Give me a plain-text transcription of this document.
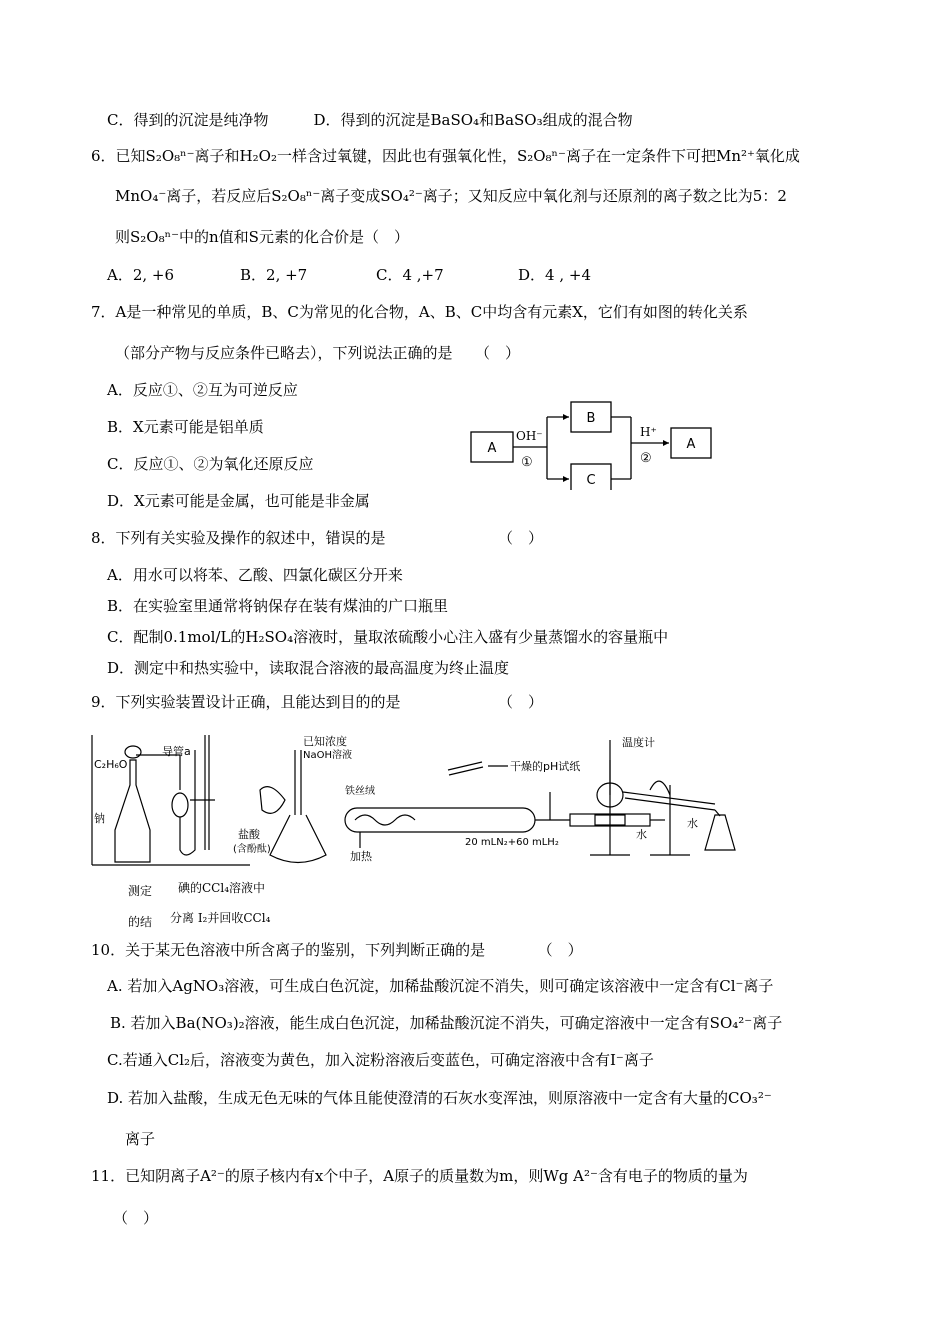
C．得到的沉淀是纯净物　　　D．得到的沉淀是BaSO₄和BaSO₃组成的混合物
6．已知S₂O₈ⁿ⁻离子和H₂O₂一样含过氧键，因此也有强氧化性，S₂O₈ⁿ⁻离子在一定条件下可把Mn²⁺氧化成
MnO₄⁻离子，若反应后S₂O₈ⁿ⁻离子变成SO₄²⁻离子；又知反应中氧化剂与还原剂的离子数之比为5：2
则S₂O₈ⁿ⁻中的n值和S元素的化合价是（　）
A．2, +6	B．2, +7	C．4 ,+7	D．4 , +4
7．A是一种常见的单质，B、C为常见的化合物，A、B、C中均含有元素X，它们有如图的转化关系
（部分产物与反应条件已略去），下列说法正确的是　　（　）
A．反应①、②互为可逆反应
B．X元素可能是铝单质
C．反应①、②为氧化还原反应
D．X元素可能是金属，也可能是非金属
A
B
C
A
OH⁻
①
H⁺
②
8．下列有关实验及操作的叙述中，错误的是　　　　　　　　（　）
A．用水可以将苯、乙酸、四氯化碳区分开来
B．在实验室里通常将钠保存在装有煤油的广口瓶里
C．配制0.1mol/L的H₂SO₄溶液时，量取浓硫酸小心注入盛有少量蒸馏水的容量瓶中
D．测定中和热实验中，读取混合溶液的最高温度为终止温度
9．下列实验装置设计正确，且能达到目的的是　　　　　　　（　）
C₂H₆O
导管a
钠
已知浓度
NaOH溶液
盐酸
(含酚酞)
铁丝绒
干燥的pH试纸
加热
20 mLN₂+60 mLH₂
温度计
水
水
测定
的结
碘的CCl₄溶液中
分离 I₂并回收CCl₄
10．关于某无色溶液中所含离子的鉴别，下列判断正确的是　　　　（　）
A. 若加入AgNO₃溶液，可生成白色沉淀，加稀盐酸沉淀不消失，则可确定该溶液中一定含有Cl⁻离子
B. 若加入Ba(NO₃)₂溶液，能生成白色沉淀，加稀盐酸沉淀不消失，可确定溶液中一定含有SO₄²⁻离子
C.若通入Cl₂后，溶液变为黄色，加入淀粉溶液后变蓝色，可确定溶液中含有I⁻离子
D. 若加入盐酸，生成无色无味的气体且能使澄清的石灰水变浑浊，则原溶液中一定含有大量的CO₃²⁻
离子
11．已知阴离子A²⁻的原子核内有x个中子，A原子的质量数为m，则Wg A²⁻含有电子的物质的量为
（　）
